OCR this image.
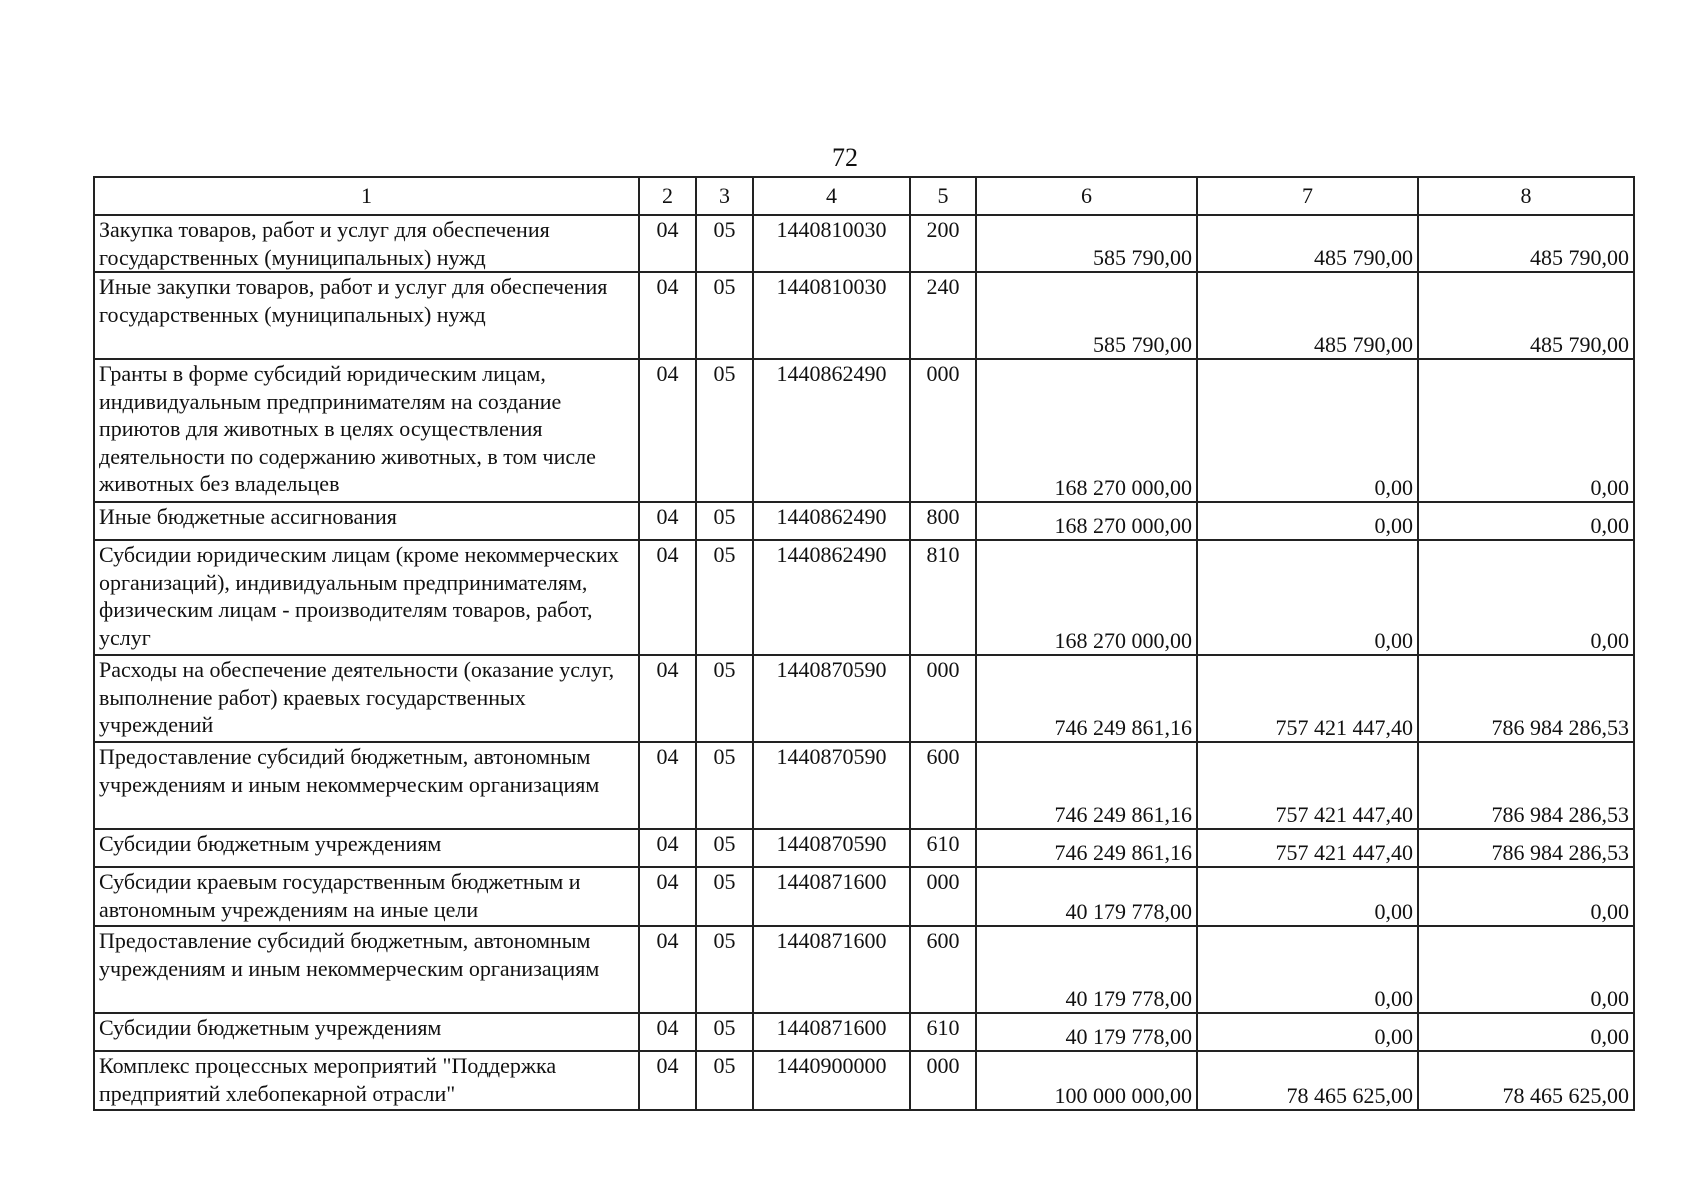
72
1	2	3	4	5	6	7	8
Закупка товаров, работ и услуг для обеспечения государственных (муниципальных) нужд	04	05	1440810030	200	585 790,00	485 790,00	485 790,00
Иные закупки товаров, работ и услуг для обеспечения государственных (муниципальных) нужд	04	05	1440810030	240	585 790,00	485 790,00	485 790,00
Гранты в форме субсидий юридическим лицам, индивидуальным предпринимателям на создание приютов для животных в целях осуществления деятельности по содержанию животных, в том числе животных без владельцев	04	05	1440862490	000	168 270 000,00	0,00	0,00
Иные бюджетные ассигнования	04	05	1440862490	800	168 270 000,00	0,00	0,00
Субсидии юридическим лицам (кроме некоммерческих организаций), индивидуальным предпринимателям, физическим лицам - производителям товаров, работ, услуг	04	05	1440862490	810	168 270 000,00	0,00	0,00
Расходы на обеспечение деятельности (оказание услуг, выполнение работ) краевых государственных учреждений	04	05	1440870590	000	746 249 861,16	757 421 447,40	786 984 286,53
Предоставление субсидий бюджетным, автономным учреждениям и иным некоммерческим организациям	04	05	1440870590	600	746 249 861,16	757 421 447,40	786 984 286,53
Субсидии бюджетным учреждениям	04	05	1440870590	610	746 249 861,16	757 421 447,40	786 984 286,53
Субсидии краевым государственным бюджетным и автономным учреждениям на иные цели	04	05	1440871600	000	40 179 778,00	0,00	0,00
Предоставление субсидий бюджетным, автономным учреждениям и иным некоммерческим организациям	04	05	1440871600	600	40 179 778,00	0,00	0,00
Субсидии бюджетным учреждениям	04	05	1440871600	610	40 179 778,00	0,00	0,00
Комплекс процессных мероприятий "Поддержка предприятий хлебопекарной отрасли"	04	05	1440900000	000	100 000 000,00	78 465 625,00	78 465 625,00
